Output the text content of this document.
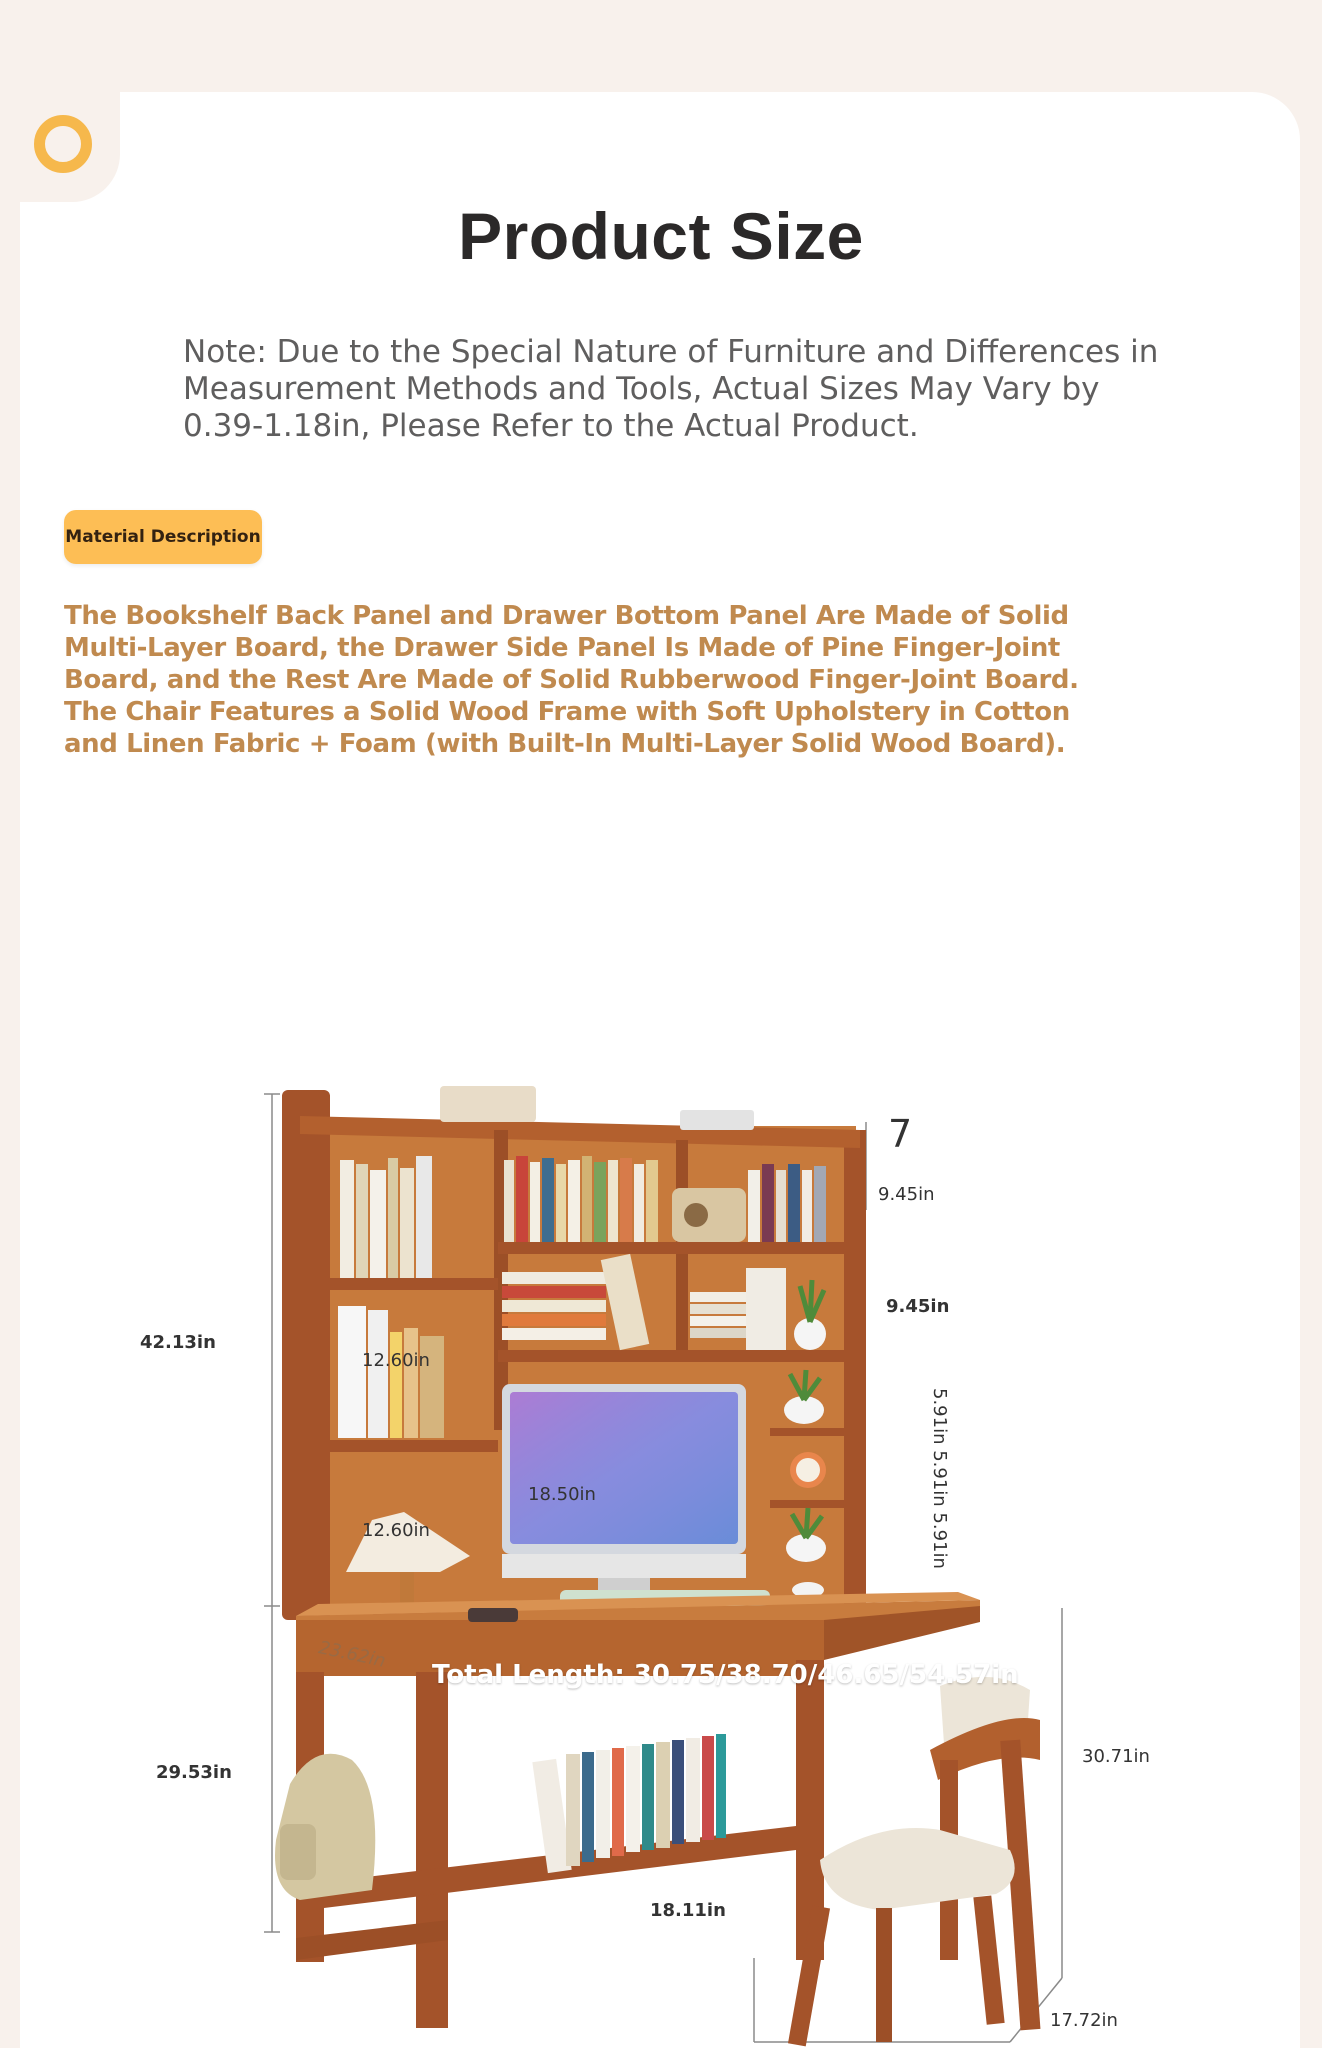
Product Size

Note: Due to the Special Nature of Furniture and Differences in Measurement Methods and Tools, Actual Sizes May Vary by 0.39-1.18in, Please Refer to the Actual Product.

Material Description

The Bookshelf Back Panel and Drawer Bottom Panel Are Made of Solid Multi-Layer Board, the Drawer Side Panel Is Made of Pine Finger-Joint Board, and the Rest Are Made of Solid Rubberwood Finger-Joint Board. The Chair Features a Solid Wood Frame with Soft Upholstery in Cotton and Linen Fabric + Foam (with Built-In Multi-Layer Solid Wood Board).

7
9.45in
9.45in
5.91in 5.91in 5.91in
42.13in
12.60in
18.50in
12.60in
23.62in
Total Length: 30.75/38.70/46.65/54.57in
29.53in
30.71in
18.11in
17.72in
